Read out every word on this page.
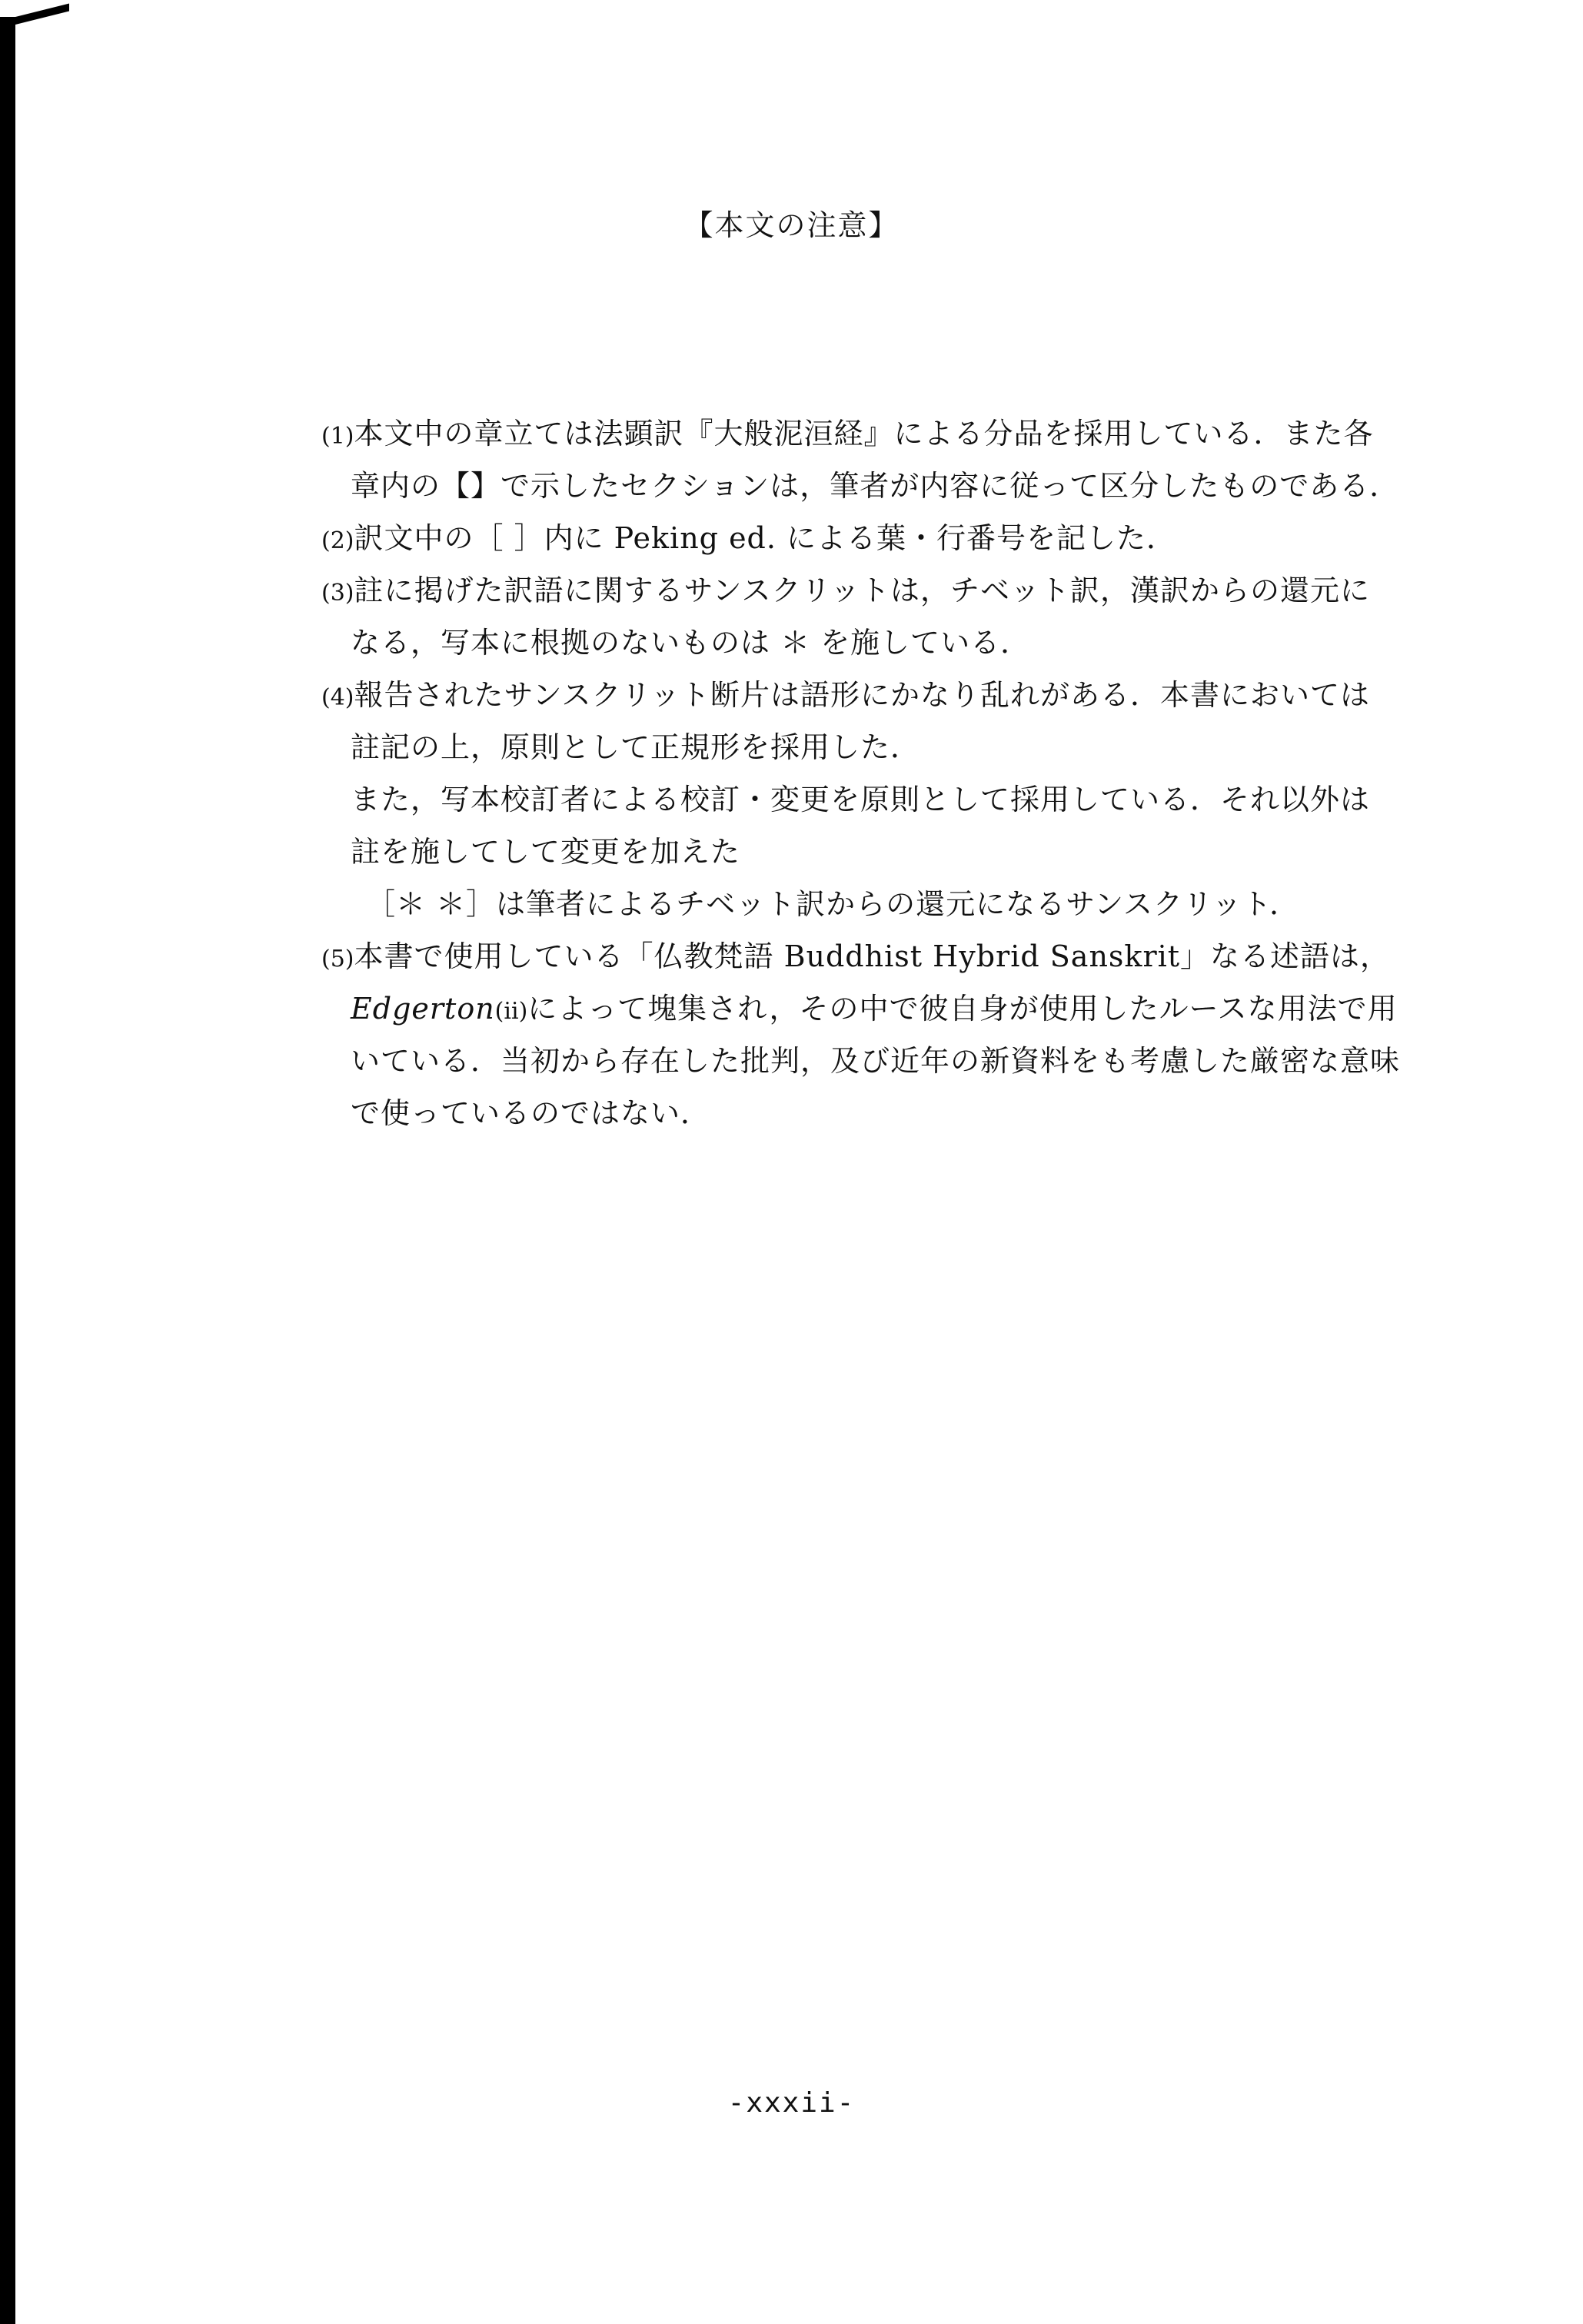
【本文の注意】
(1)本文中の章立ては法顕訳『大般泥洹経』による分品を採用している．また各
章内の【】で示したセクションは，筆者が内容に従って区分したものである．
(2)訳文中の［ ］内に Peking ed. による葉・行番号を記した．
(3)註に掲げた訳語に関するサンスクリットは，チベット訳，漢訳からの還元に
なる，写本に根拠のないものは ＊ を施している．
(4)報告されたサンスクリット断片は語形にかなり乱れがある．本書においては
註記の上，原則として正規形を採用した．
また，写本校訂者による校訂・変更を原則として採用している．それ以外は
註を施してして変更を加えた
［＊ ＊］は筆者によるチベット訳からの還元になるサンスクリット．
(5)本書で使用している「仏教梵語 Buddhist Hybrid Sanskrit」なる述語は，
Edgerton(ii)によって塊集され，その中で彼自身が使用したルースな用法で用
いている．当初から存在した批判，及び近年の新資料をも考慮した厳密な意味
で使っているのではない．
-xxxii-
